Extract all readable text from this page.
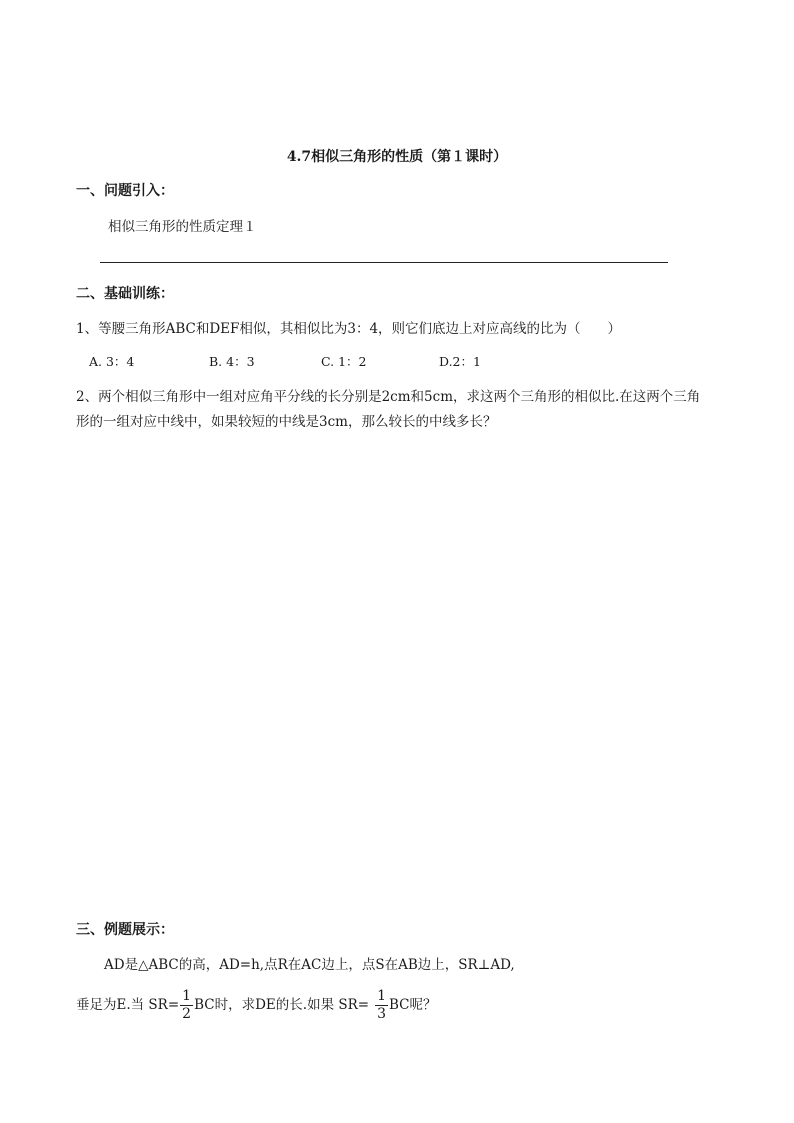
4.7相似三角形的性质（第１课时）
一、问题引入：
相似三角形的性质定理１
二、基础训练：
1、等腰三角形ABC和DEF相似，其相似比为3：4，则它们底边上对应高线的比为（　　）
A. 3：4	B. 4：3	C. 1：2	D.2：1
2、两个相似三角形中一组对应角平分线的长分别是2cm和5cm，求这两个三角形的相似比.在这两个三角
形的一组对应中线中，如果较短的中线是3cm，那么较长的中线多长？
三、例题展示：
AD是△ABC的高，AD=h,点R在AC边上，点S在AB边上，SR⊥AD,
垂足为E.当 $SR= \frac{1}{2}$ BC时，求DE的长.如果 $SR= \frac{1}{3}$ BC呢？
